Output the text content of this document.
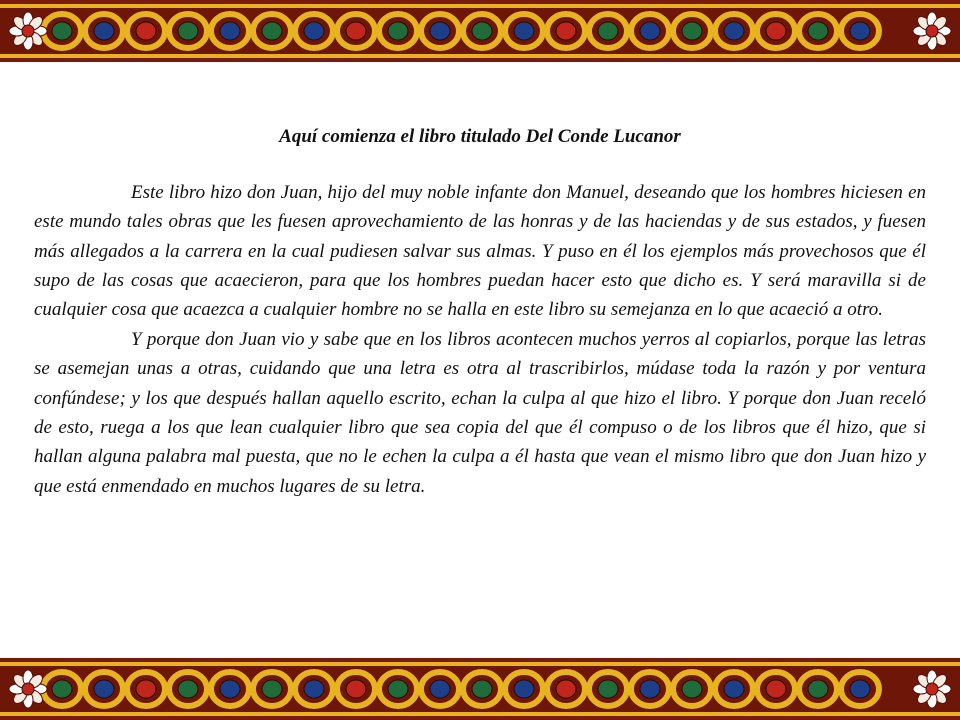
Aquí comienza el libro titulado Del Conde Lucanor

Este libro hizo don Juan, hijo del muy noble infante don Manuel, deseando que los hombres hiciesen en este mundo tales obras que les fuesen aprovechamiento de las honras y de las haciendas y de sus estados, y fuesen más allegados a la carrera en la cual pudiesen salvar sus almas. Y puso en él los ejemplos más provechosos que él supo de las cosas que acaecieron, para que los hombres puedan hacer esto que dicho es. Y será maravilla si de cualquier cosa que acaezca a cualquier hombre no se halla en este libro su semejanza en lo que acaeció a otro.

Y porque don Juan vio y sabe que en los libros acontecen muchos yerros al copiarlos, porque las letras se asemejan unas a otras, cuidando que una letra es otra al trascribirlos, múdase toda la razón y por ventura confúndese; y los que después hallan aquello escrito, echan la culpa al que hizo el libro. Y porque don Juan receló de esto, ruega a los que lean cualquier libro que sea copia del que él compuso o de los libros que él hizo, que si hallan alguna palabra mal puesta, que no le echen la culpa a él hasta que vean el mismo libro que don Juan hizo y que está enmendado en muchos lugares de su letra.
